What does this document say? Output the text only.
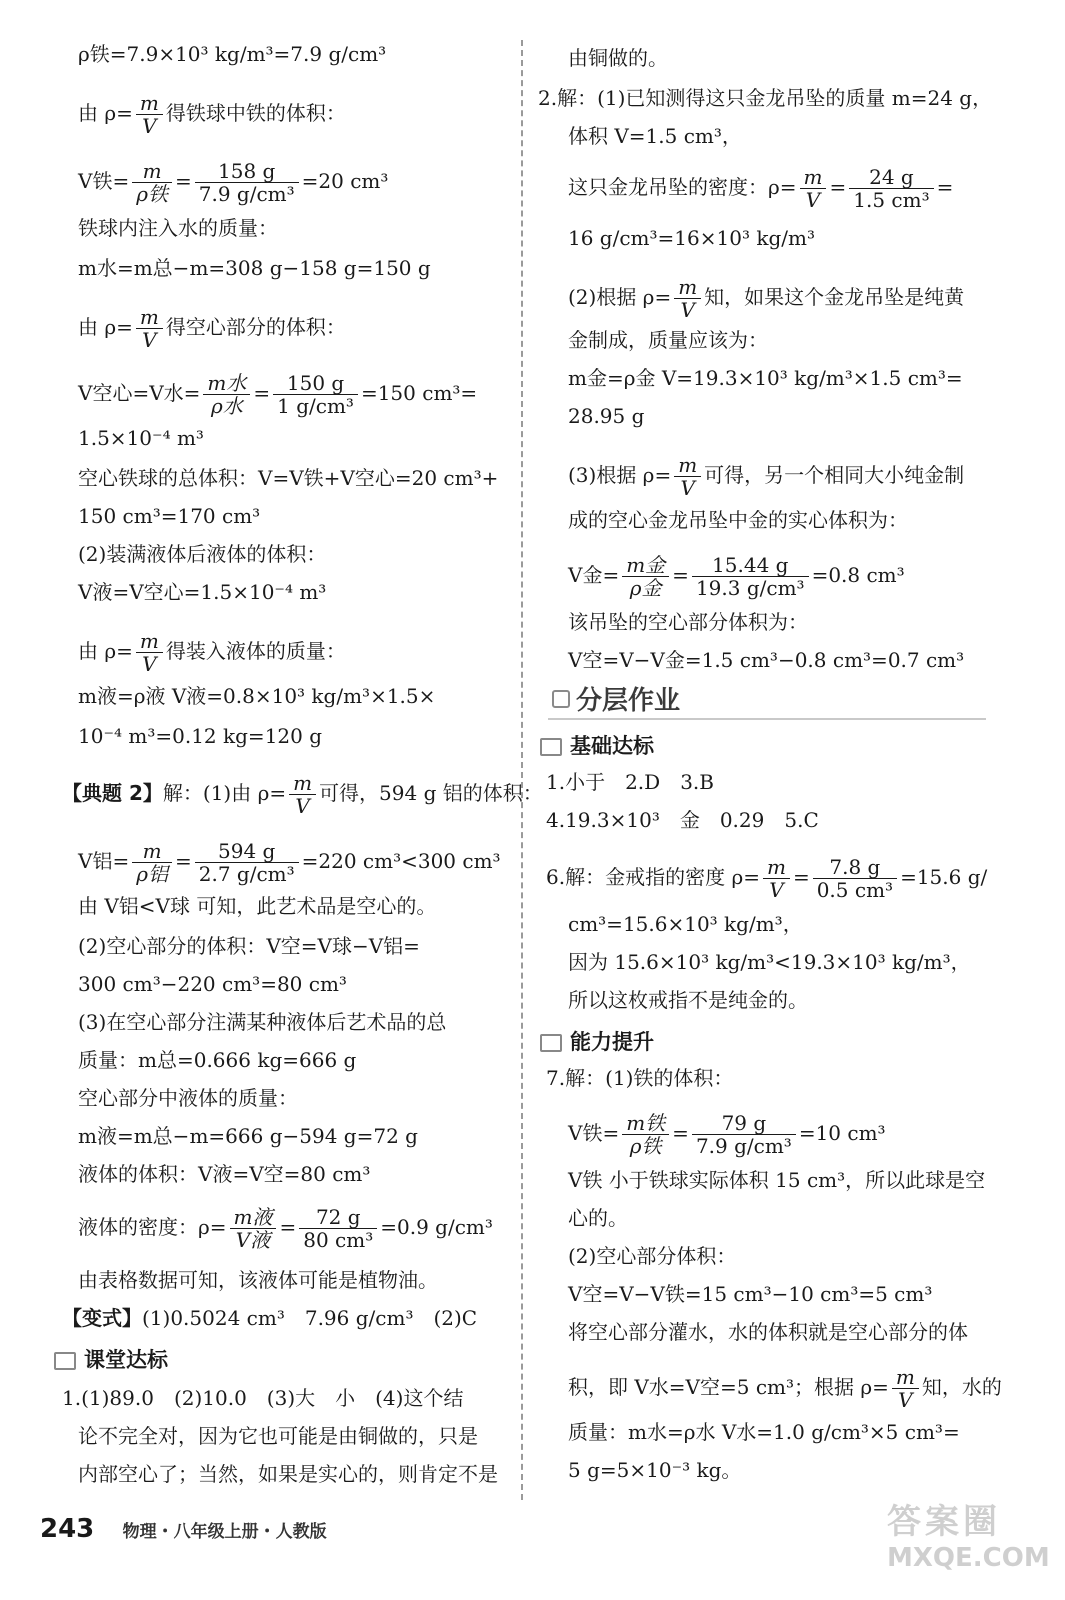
ρ铁=7.9×10³ kg/m³=7.9 g/cm³
由 $\rho= \frac{m}{V}$ 得铁球中铁的体积：
V铁= $\frac{m}{\text{ρ铁}} = \frac{158 g}{\text{7.9 g/cm³}} =20$ cm³
铁球内注入水的质量：
m水=m总−m=308 g−158 g=150 g
由 $\rho= \frac{m}{V}$ 得空心部分的体积：
V空心=V水= $\frac{\text{m水}}{\text{ρ水}} = \frac{150 g}{\text{1 g/cm³}} =150$ cm³=
1.5×10⁻⁴ m³
空心铁球的总体积：V=V铁+V空心=20 cm³+
150 cm³=170 cm³
(2)装满液体后液体的体积：
V液=V空心=1.5×10⁻⁴ m³
由 $\rho= \frac{m}{V}$ 得装入液体的质量：
m液=ρ液 V液=0.8×10³ kg/m³×1.5×
10⁻⁴ m³=0.12 kg=120 g
【典题 2】解：(1)由 $\rho= \frac{m}{V}$ 可得，594 g 铝的体积：
V铝= $\frac{m}{\text{ρ铝}} = \frac{594 g}{\text{2.7 g/cm³}} =220$ cm³<300 cm³
由 V铝<V球 可知，此艺术品是空心的。
(2)空心部分的体积：V空=V球−V铝=
300 cm³−220 cm³=80 cm³
(3)在空心部分注满某种液体后艺术品的总
质量：m总=0.666 kg=666 g
空心部分中液体的质量：
m液=m总−m=666 g−594 g=72 g
液体的体积：V液=V空=80 cm³
液体的密度：$\rho= \frac{\text{m液}}{\text{V液}} = \frac{72 g}{\text{80 cm³}} =0.9$ g/cm³
由表格数据可知，该液体可能是植物油。
【变式】(1)0.5024 cm³　7.96 g/cm³　(2)C
课堂达标
1.(1)89.0　(2)10.0　(3)大　小　(4)这个结
论不完全对，因为它也可能是由铜做的，只是
内部空心了；当然，如果是实心的，则肯定不是
由铜做的。
2.解：(1)已知测得这只金龙吊坠的质量 m=24 g，
体积 V=1.5 cm³，
这只金龙吊坠的密度：$\rho= \frac{m}{V} = \frac{24 g}{\text{1.5 cm³}}$ =
16 g/cm³=16×10³ kg/m³
(2)根据 $\rho= \frac{m}{V}$ 知，如果这个金龙吊坠是纯黄
金制成，质量应该为：
m金=ρ金 V=19.3×10³ kg/m³×1.5 cm³=
28.95 g
(3)根据 $\rho= \frac{m}{V}$ 可得，另一个相同大小纯金制
成的空心金龙吊坠中金的实心体积为：
V金= $\frac{\text{m金}}{\text{ρ金}} = \frac{15.44 g}{\text{19.3 g/cm³}} =0.8$ cm³
该吊坠的空心部分体积为：
V空=V−V金=1.5 cm³−0.8 cm³=0.7 cm³
基础达标
1.小于　2.D　3.B
4.19.3×10³　金　0.29　5.C
6.解：金戒指的密度 $\rho= \frac{m}{V} = \frac{7.8 g}{\text{0.5 cm³}} =15.6$ g/
cm³=15.6×10³ kg/m³，
因为 15.6×10³ kg/m³<19.3×10³ kg/m³，
所以这枚戒指不是纯金的。
能力提升
7.解：(1)铁的体积：
V铁= $\frac{\text{m铁}}{\text{ρ铁}} = \frac{79 g}{\text{7.9 g/cm³}} =10$ cm³
V铁 小于铁球实际体积 15 cm³，所以此球是空
心的。
(2)空心部分体积：
V空=V−V铁=15 cm³−10 cm³=5 cm³
将空心部分灌水，水的体积就是空心部分的体
积，即 V水=V空=5 cm³；根据 $\rho= \frac{m}{V}$ 知，水的
质量：m水=ρ水 V水=1.0 g/cm³×5 cm³=
5 g=5×10⁻³ kg。
分层作业
243 物理・八年级上册・人教版	答案圈
MXQE.COM
